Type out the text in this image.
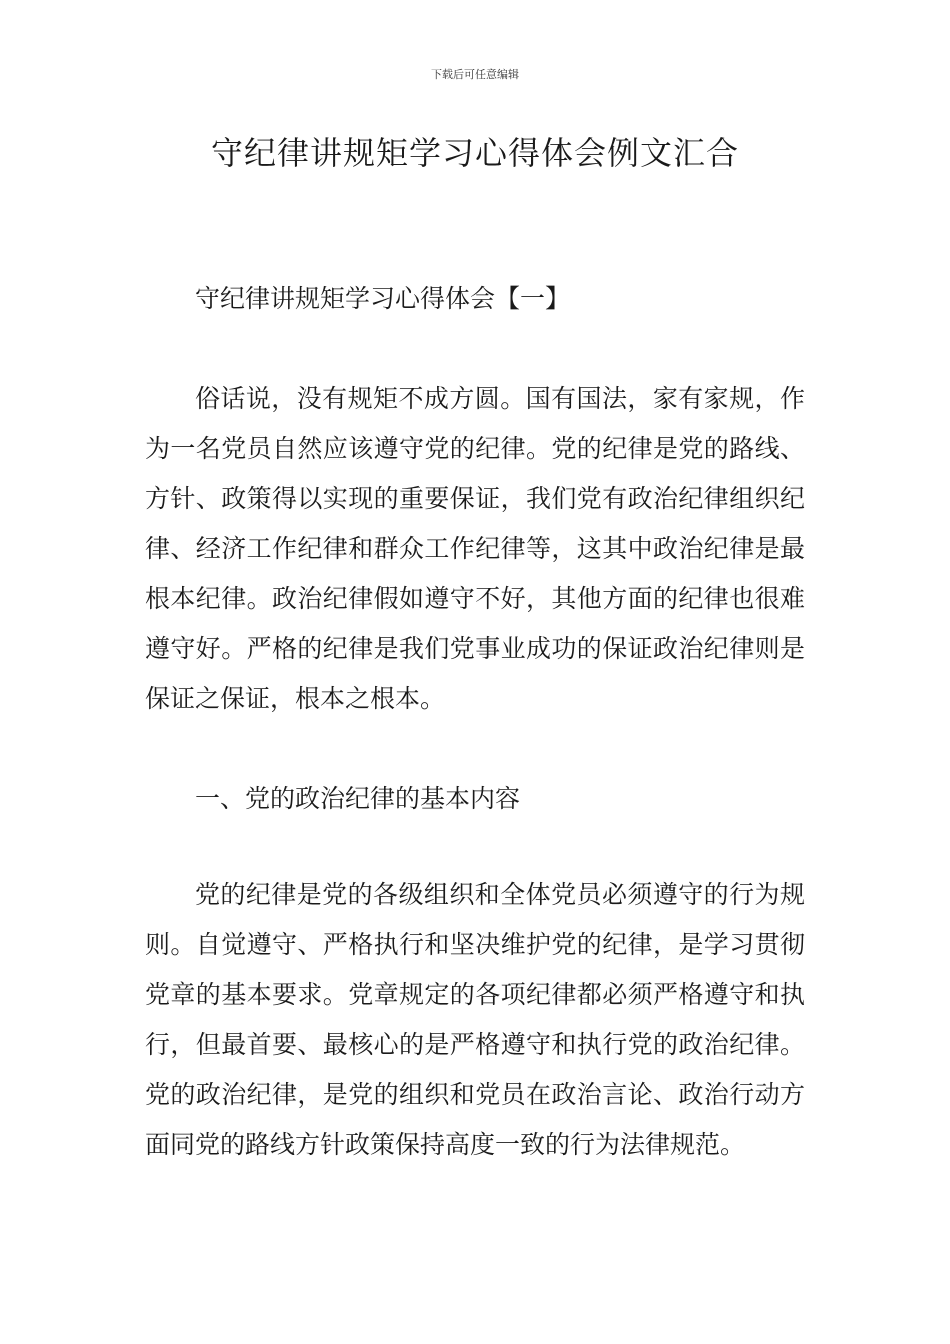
下载后可任意编辑
守纪律讲规矩学习心得体会例文汇合

守纪律讲规矩学习心得体会【一】

俗话说，没有规矩不成方圆。国有国法，家有家规，作为一名党员自然应该遵守党的纪律。党的纪律是党的路线、方针、政策得以实现的重要保证，我们党有政治纪律组织纪律、经济工作纪律和群众工作纪律等，这其中政治纪律是最根本纪律。政治纪律假如遵守不好，其他方面的纪律也很难遵守好。严格的纪律是我们党事业成功的保证政治纪律则是保证之保证，根本之根本。

一、党的政治纪律的基本内容

党的纪律是党的各级组织和全体党员必须遵守的行为规则。自觉遵守、严格执行和坚决维护党的纪律，是学习贯彻党章的基本要求。党章规定的各项纪律都必须严格遵守和执行，但最首要、最核心的是严格遵守和执行党的政治纪律。党的政治纪律，是党的组织和党员在政治言论、政治行动方面同党的路线方针政策保持高度一致的行为法律规范。
